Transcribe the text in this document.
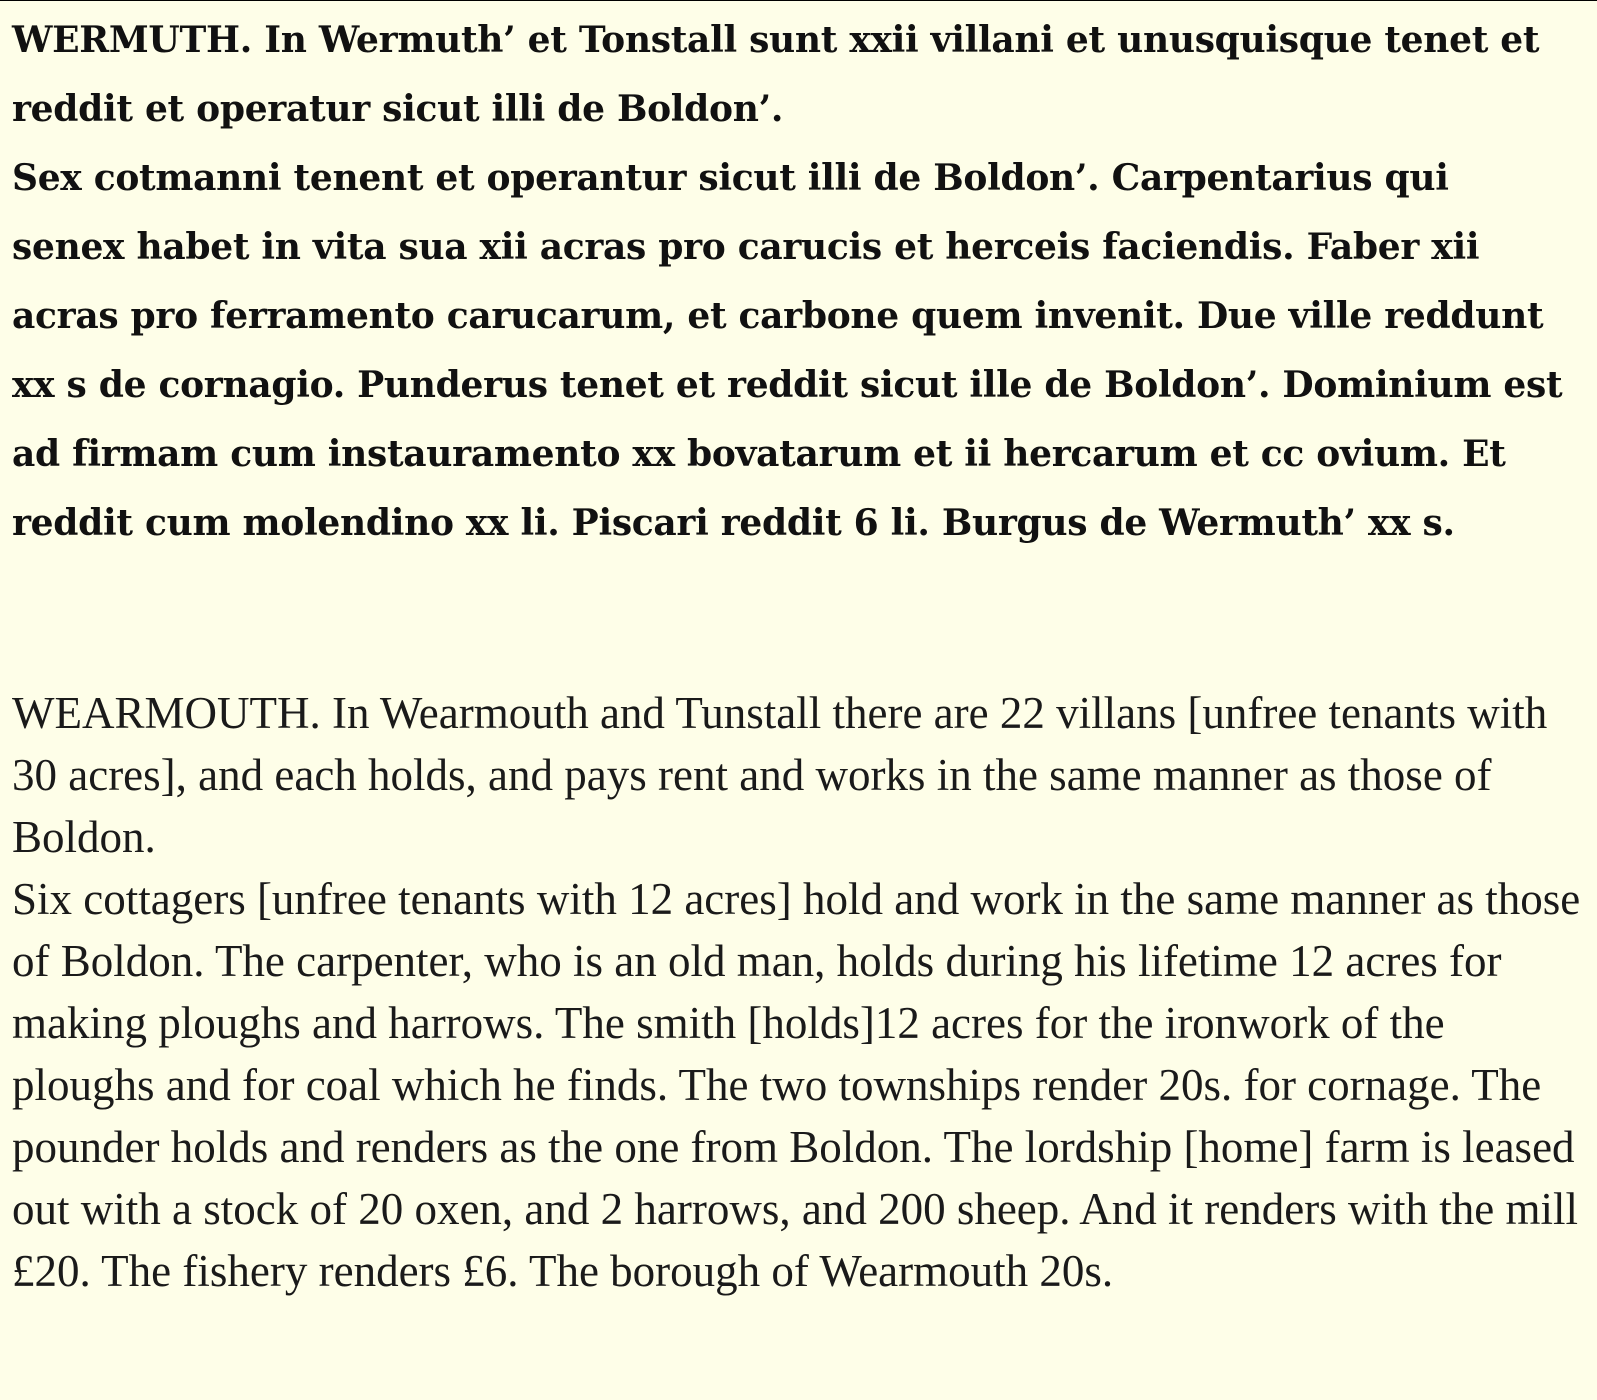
WERMUTH. In Wermuth’ et Tonstall sunt xxii villani et unusquisque tenet et reddit et operatur sicut illi de Boldon’.

Sex cotmanni tenent et operantur sicut illi de Boldon’. Carpentarius qui senex habet in vita sua xii acras pro carucis et herceis faciendis. Faber xii acras pro ferramento carucarum, et carbone quem invenit. Due ville reddunt xx s de cornagio. Punderus tenet et reddit sicut ille de Boldon’. Dominium est ad firmam cum instauramento xx bovatarum et ii hercarum et cc ovium. Et reddit cum molendino xx li. Piscari reddit 6 li. Burgus de Wermuth’ xx s.

WEARMOUTH. In Wearmouth and Tunstall there are 22 villans [unfree tenants with 30 acres], and each holds, and pays rent and works in the same manner as those of Boldon.

Six cottagers [unfree tenants with 12 acres] hold and work in the same manner as those of Boldon. The carpenter, who is an old man, holds during his lifetime 12 acres for making ploughs and harrows. The smith [holds]12 acres for the ironwork of the ploughs and for coal which he finds. The two townships render 20s. for cornage. The pounder holds and renders as the one from Boldon. The lordship [home] farm is leased out with a stock of 20 oxen, and 2 harrows, and 200 sheep. And it renders with the mill £20. The fishery renders £6. The borough of Wearmouth 20s.
